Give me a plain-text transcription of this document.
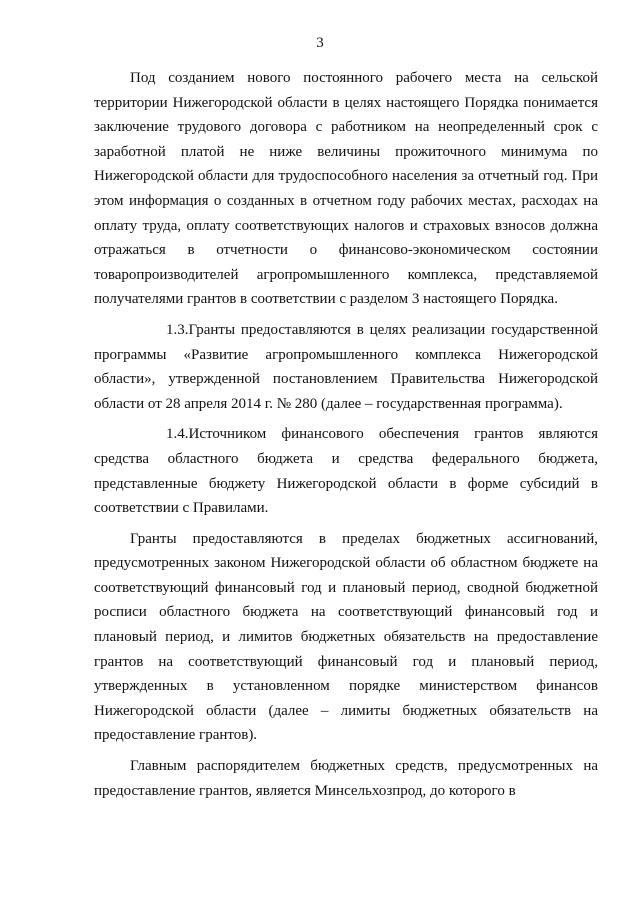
3

Под созданием нового постоянного рабочего места на сельской территории Нижегородской области в целях настоящего Порядка понимается заключение трудового договора с работником на неопределенный срок с заработной платой не ниже величины прожиточного минимума по Нижегородской области для трудоспособного населения за отчетный год. При этом информация о созданных в отчетном году рабочих местах, расходах на оплату труда, оплату соответствующих налогов и страховых взносов должна отражаться в отчетности о финансово-экономическом состоянии товаропроизводителей агропромышленного комплекса, представляемой получателями грантов в соответствии с разделом 3 настоящего Порядка.

1.3.Гранты предоставляются в целях реализации государственной программы «Развитие агропромышленного комплекса Нижегородской области», утвержденной постановлением Правительства Нижегородской области от 28 апреля 2014 г. № 280 (далее – государственная программа).

1.4.Источником финансового обеспечения грантов являются средства областного бюджета и средства федерального бюджета, представленные бюджету Нижегородской области в форме субсидий в соответствии с Правилами.

Гранты предоставляются в пределах бюджетных ассигнований, предусмотренных законом Нижегородской области об областном бюджете на соответствующий финансовый год и плановый период, сводной бюджетной росписи областного бюджета на соответствующий финансовый год и плановый период, и лимитов бюджетных обязательств на предоставление грантов на соответствующий финансовый год и плановый период, утвержденных в установленном порядке министерством финансов Нижегородской области (далее – лимиты бюджетных обязательств на предоставление грантов).

Главным распорядителем бюджетных средств, предусмотренных на предоставление грантов, является Минсельхозпрод, до которого в
